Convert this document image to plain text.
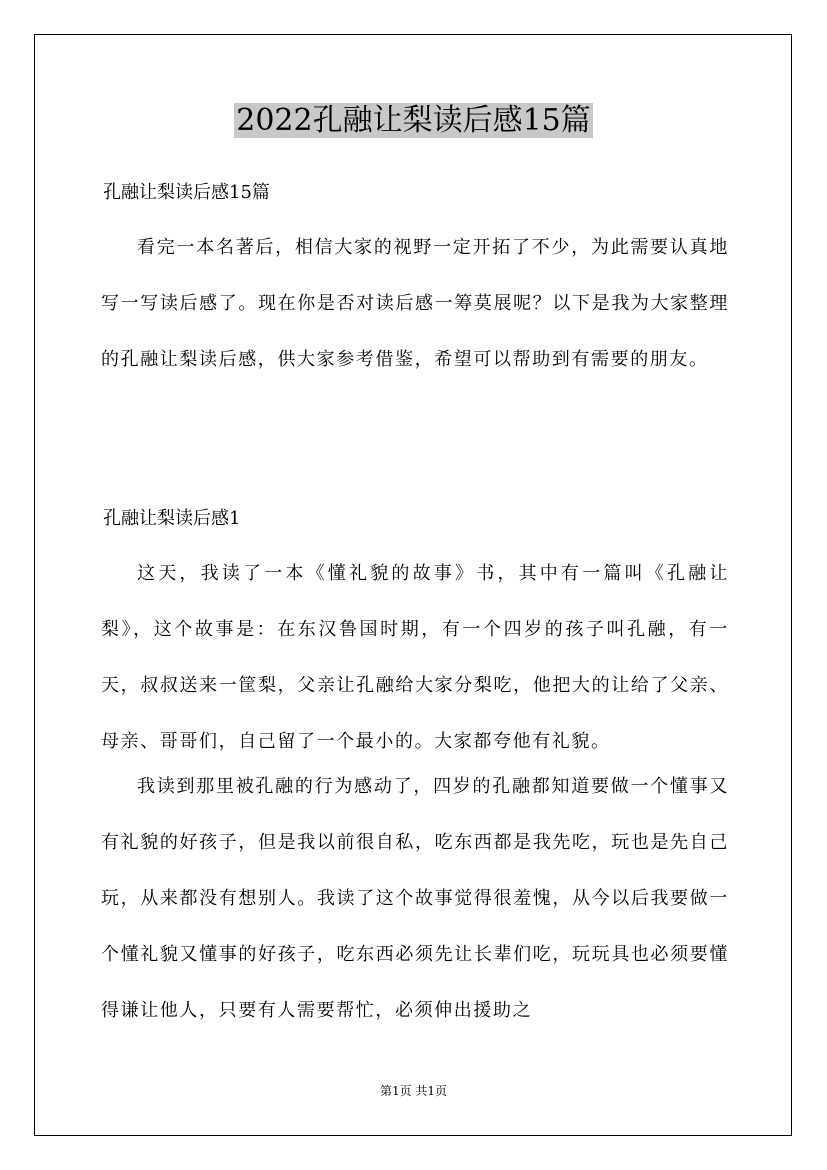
2022孔融让梨读后感15篇
孔融让梨读后感15篇

看完一本名著后，相信大家的视野一定开拓了不少，为此需要认真地写一写读后感了。现在你是否对读后感一筹莫展呢？以下是我为大家整理的孔融让梨读后感，供大家参考借鉴，希望可以帮助到有需要的朋友。

孔融让梨读后感1

这天，我读了一本《懂礼貌的故事》书，其中有一篇叫《孔融让梨》，这个故事是：在东汉鲁国时期，有一个四岁的孩子叫孔融，有一天，叔叔送来一筐梨，父亲让孔融给大家分梨吃，他把大的让给了父亲、母亲、哥哥们，自己留了一个最小的。大家都夸他有礼貌。

我读到那里被孔融的行为感动了，四岁的孔融都知道要做一个懂事又有礼貌的好孩子，但是我以前很自私，吃东西都是我先吃，玩也是先自己玩，从来都没有想别人。我读了这个故事觉得很羞愧，从今以后我要做一个懂礼貌又懂事的好孩子，吃东西必须先让长辈们吃，玩玩具也必须要懂得谦让他人，只要有人需要帮忙，必须伸出援助之

第1页 共1页
